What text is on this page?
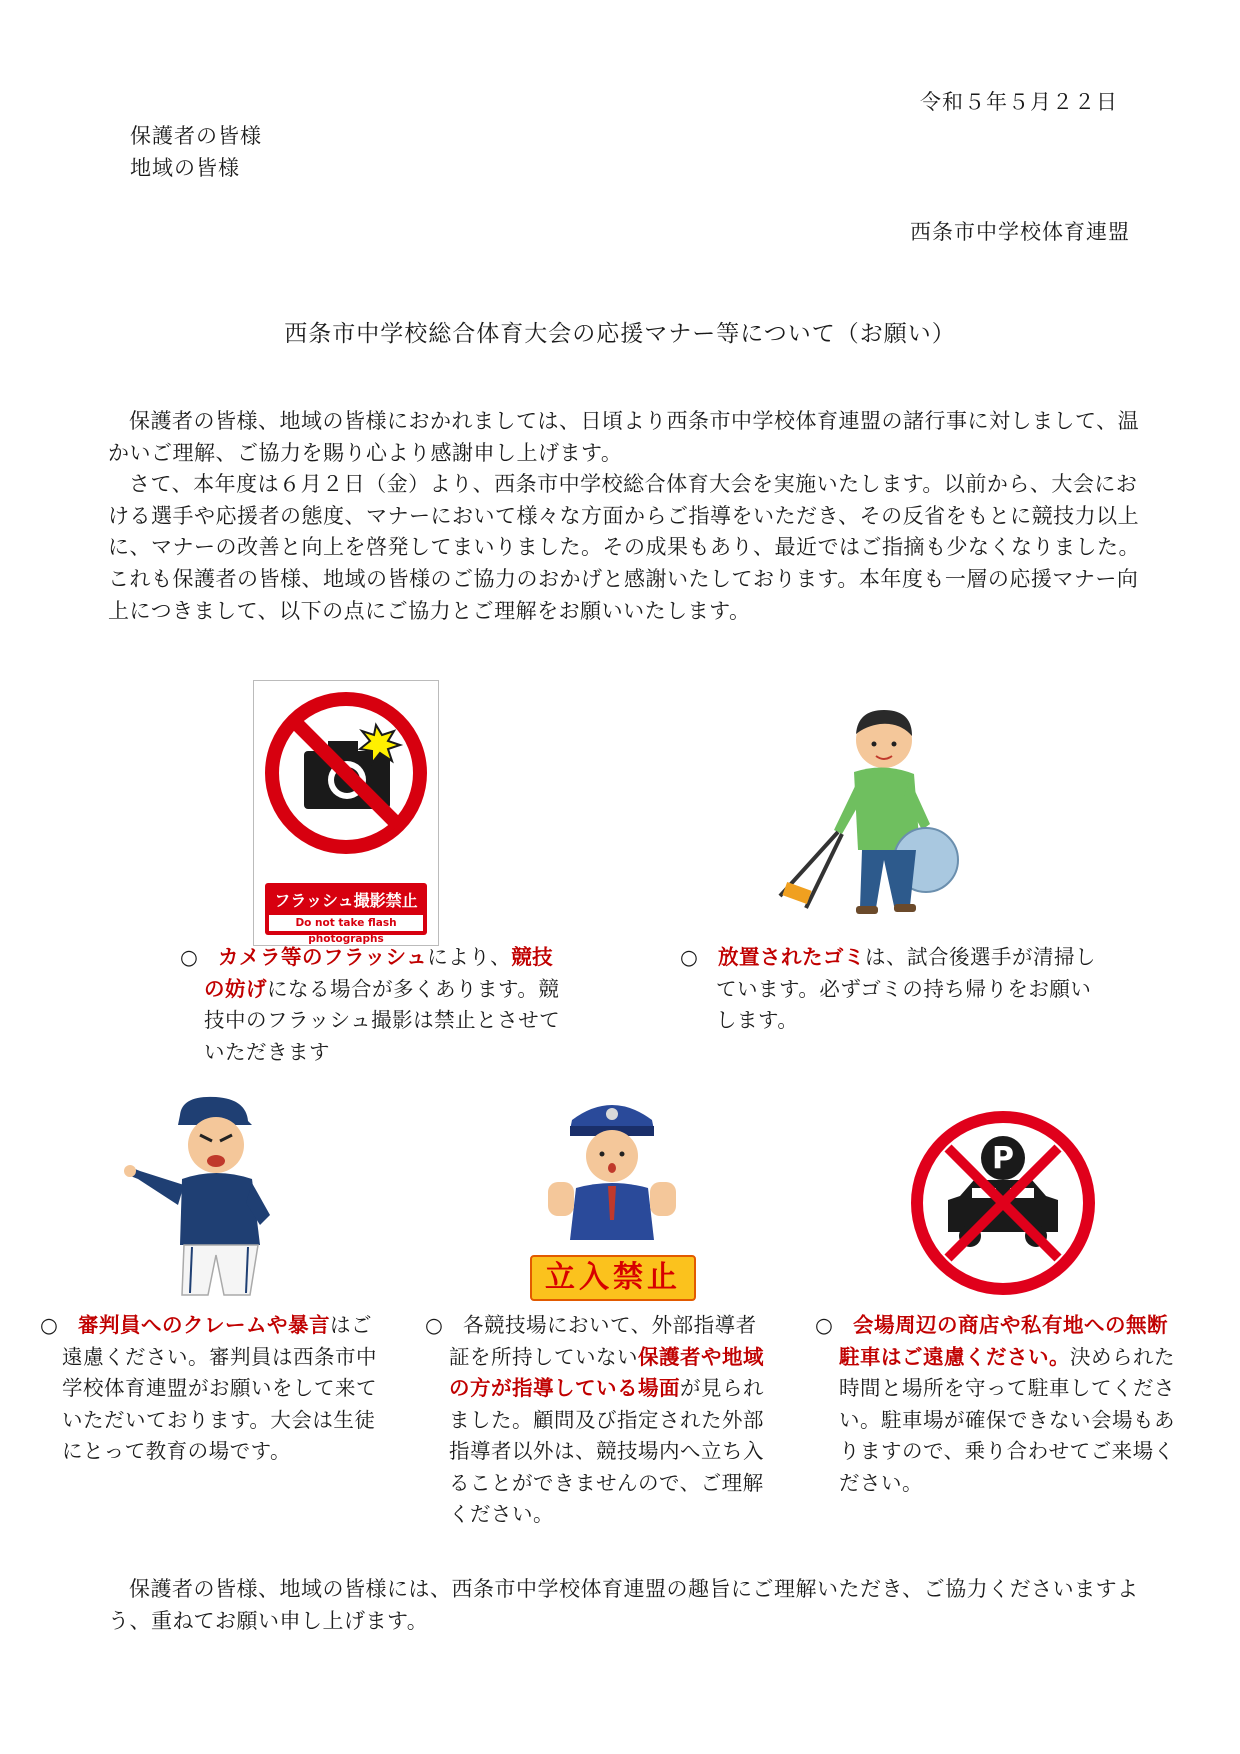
令和５年５月２２日
保護者の皆様
地域の皆様
西条市中学校体育連盟
西条市中学校総合体育大会の応援マナー等について（お願い）

保護者の皆様、地域の皆様におかれましては、日頃より西条市中学校体育連盟の諸行事に対しまして、温

かいご理解、ご協力を賜り心より感謝申し上げます。

さて、本年度は６月２日（金）より、西条市中学校総合体育大会を実施いたします。以前から、大会にお

ける選手や応援者の態度、マナーにおいて様々な方面からご指導をいただき、その反省をもとに競技力以上

に、マナーの改善と向上を啓発してまいりました。その成果もあり、最近ではご指摘も少なくなりました。

これも保護者の皆様、地域の皆様のご協力のおかげと感謝いたしております。本年度も一層の応援マナー向

上につきまして、以下の点にご協力とご理解をお願いいたします。

フラッシュ撮影禁止
Do not take flash photographs

○ カメラ等のフラッシュにより、競技

の妨げになる場合が多くあります。競

技中のフラッシュ撮影は禁止とさせて

いただきます

○ 放置されたゴミは、試合後選手が清掃し

ています。必ずゴミの持ち帰りをお願い

します。

立入禁止
P

○ 審判員へのクレームや暴言はご

遠慮ください。審判員は西条市中

学校体育連盟がお願いをして来て

いただいております。大会は生徒

にとって教育の場です。

○ 各競技場において、外部指導者

証を所持していない保護者や地域

の方が指導している場面が見られ

ました。顧問及び指定された外部

指導者以外は、競技場内へ立ち入

ることができませんので、ご理解

ください。

○ 会場周辺の商店や私有地への無断

駐車はご遠慮ください。決められた

時間と場所を守って駐車してくださ

い。駐車場が確保できない会場もあ

りますので、乗り合わせてご来場く

ださい。

保護者の皆様、地域の皆様には、西条市中学校体育連盟の趣旨にご理解いただき、ご協力くださいますよ

う、重ねてお願い申し上げます。
